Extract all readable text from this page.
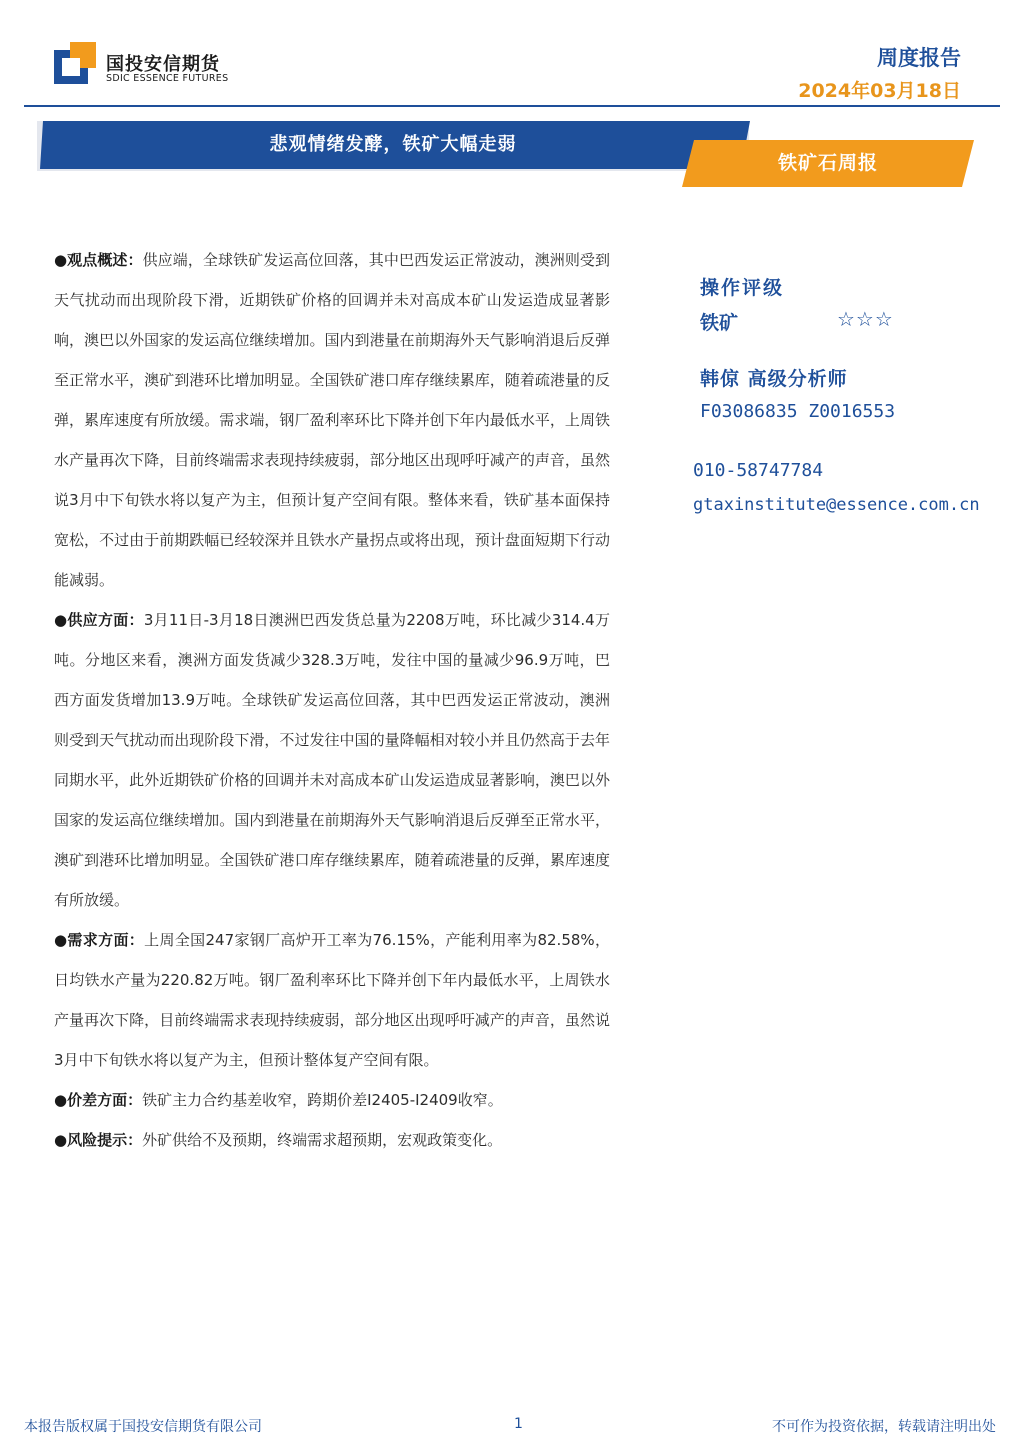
国投安信期货
SDIC ESSENCE FUTURES
周度报告
2024年03月18日
悲观情绪发酵，铁矿大幅走弱
铁矿石周报

●观点概述：供应端，全球铁矿发运高位回落，其中巴西发运正常波动，澳洲则受到天气扰动而出现阶段下滑，近期铁矿价格的回调并未对高成本矿山发运造成显著影响，澳巴以外国家的发运高位继续增加。国内到港量在前期海外天气影响消退后反弹至正常水平，澳矿到港环比增加明显。全国铁矿港口库存继续累库，随着疏港量的反弹，累库速度有所放缓。需求端，钢厂盈利率环比下降并创下年内最低水平，上周铁水产量再次下降，目前终端需求表现持续疲弱，部分地区出现呼吁减产的声音，虽然说3月中下旬铁水将以复产为主，但预计复产空间有限。整体来看，铁矿基本面保持宽松，不过由于前期跌幅已经较深并且铁水产量拐点或将出现，预计盘面短期下行动能减弱。

●供应方面：3月11日-3月18日澳洲巴西发货总量为2208万吨，环比减少314.4万吨。分地区来看，澳洲方面发货减少328.3万吨，发往中国的量减少96.9万吨，巴西方面发货增加13.9万吨。全球铁矿发运高位回落，其中巴西发运正常波动，澳洲则受到天气扰动而出现阶段下滑，不过发往中国的量降幅相对较小并且仍然高于去年同期水平，此外近期铁矿价格的回调并未对高成本矿山发运造成显著影响，澳巴以外国家的发运高位继续增加。国内到港量在前期海外天气影响消退后反弹至正常水平，澳矿到港环比增加明显。全国铁矿港口库存继续累库，随着疏港量的反弹，累库速度有所放缓。

●需求方面：上周全国247家钢厂高炉开工率为76.15%，产能利用率为82.58%，日均铁水产量为220.82万吨。钢厂盈利率环比下降并创下年内最低水平，上周铁水产量再次下降，目前终端需求表现持续疲弱，部分地区出现呼吁减产的声音，虽然说3月中下旬铁水将以复产为主，但预计整体复产空间有限。

●价差方面：铁矿主力合约基差收窄，跨期价差I2405-I2409收窄。

●风险提示：外矿供给不及预期，终端需求超预期，宏观政策变化。

操作评级
铁矿	☆☆☆
韩倞 高级分析师
F03086835 Z0016553
010-58747784
gtaxinstitute@essence.com.cn
本报告版权属于国投安信期货有限公司	1	不可作为投资依据，转载请注明出处
